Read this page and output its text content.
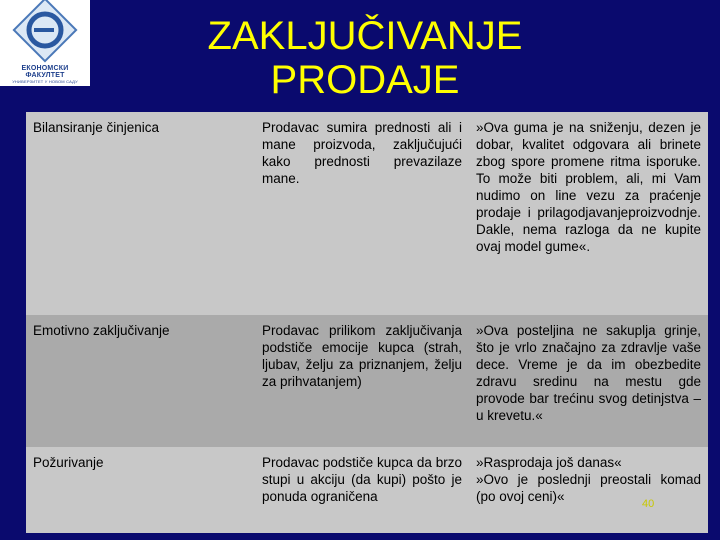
ЕКОНОМСКИ ФАКУЛТЕТ
УНИВЕРЗИТЕТ У НОВОМ САДУ
ZAKLJUČIVANJE PRODAJE
Bilansiranje činjenica	Prodavac sumira prednosti ali i mane proizvoda, zaključujući kako prednosti prevazilaze mane.	»Ova guma je na sniženju, dezen je dobar, kvalitet odgovara ali brinete zbog spore promene ritma isporuke. To može biti problem, ali, mi Vam nudimo on line vezu za praćenje prodaje i prilagodjavanjeproizvodnje. Dakle, nema razloga da ne kupite ovaj model gume«.
Emotivno zaključivanje	Prodavac prilikom zaključivanja podstiče emocije kupca (strah, ljubav, želju za priznanjem, želju za prihvatanjem)	»Ova posteljina ne sakuplja grinje, što je vrlo značajno za zdravlje vaše dece. Vreme je da im obezbedite zdravu sredinu na mestu gde provode bar trećinu svog detinjstva – u krevetu.«
Požurivanje	Prodavac podstiče kupca da brzo stupi u akciju (da kupi) pošto je ponuda ograničena	»Rasprodaja još danas«
»Ovo je poslednji preostali komad (po ovoj ceni)«	40
